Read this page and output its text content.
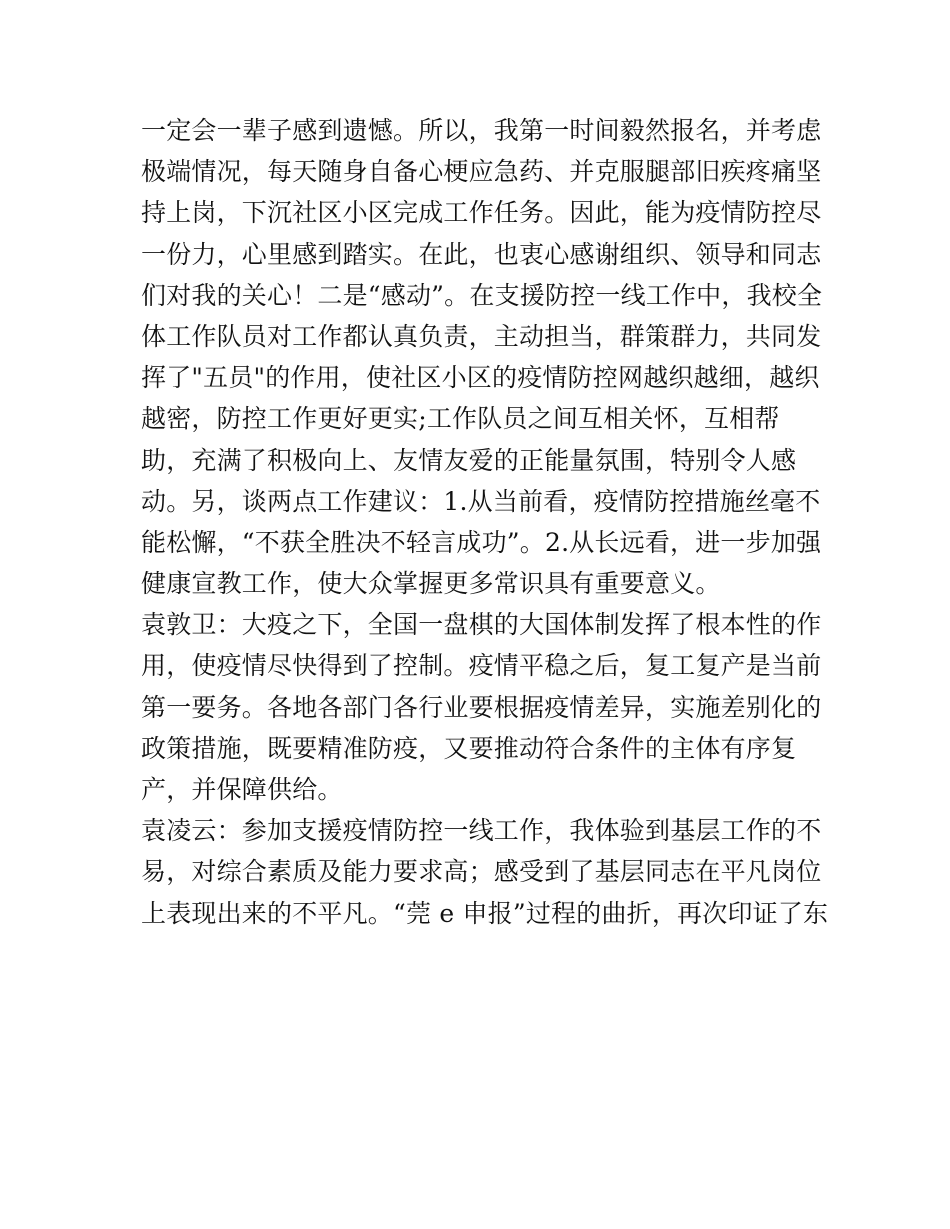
一定会一辈子感到遗憾。所以，我第一时间毅然报名，并考虑
极端情况，每天随身自备心梗应急药、并克服腿部旧疾疼痛坚
持上岗，下沉社区小区完成工作任务。因此，能为疫情防控尽
一份力，心里感到踏实。在此，也衷心感谢组织、领导和同志
们对我的关心！二是“感动”。在支援防控一线工作中，我校全
体工作队员对工作都认真负责，主动担当，群策群力，共同发
挥了"五员"的作用，使社区小区的疫情防控网越织越细，越织
越密，防控工作更好更实;工作队员之间互相关怀，互相帮
助，充满了积极向上、友情友爱的正能量氛围，特别令人感
动。另，谈两点工作建议：1.从当前看，疫情防控措施丝毫不
能松懈，“不获全胜决不轻言成功”。2.从长远看，进一步加强
健康宣教工作，使大众掌握更多常识具有重要意义。
袁敦卫：大疫之下，全国一盘棋的大国体制发挥了根本性的作
用，使疫情尽快得到了控制。疫情平稳之后，复工复产是当前
第一要务。各地各部门各行业要根据疫情差异，实施差别化的
政策措施，既要精准防疫，又要推动符合条件的主体有序复
产，并保障供给。
袁凌云：参加支援疫情防控一线工作，我体验到基层工作的不
易，对综合素质及能力要求高；感受到了基层同志在平凡岗位
上表现出来的不平凡。“莞 e 申报”过程的曲折，再次印证了东
